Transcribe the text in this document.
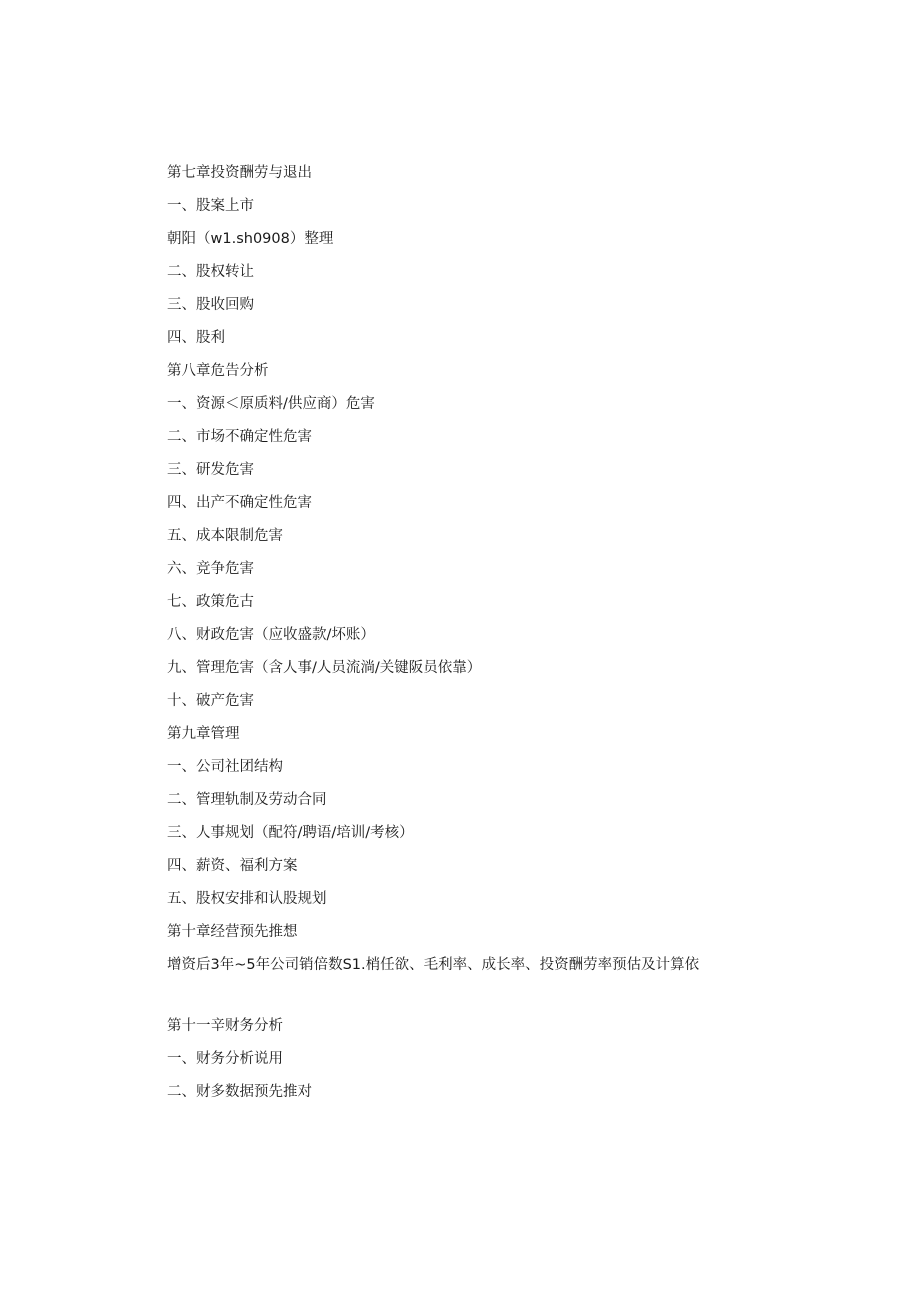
第七章投资酬劳与退出
一、股案上市
朝阳（w1.sh0908）整理
二、股权转让
三、股收回购
四、股利
第八章危告分析
一、资源＜原质料/供应商）危害
二、市场不确定性危害
三、研发危害
四、出产不确定性危害
五、成本限制危害
六、竞争危害
七、政策危古
八、财政危害（应收盛款/坏账）
九、管理危害（含人事/人员流淌/关键阪员依靠）
十、破产危害
第九章管理
一、公司社团结构
二、管理轨制及劳动合同
三、人事规划（配符/聘语/培训/考核）
四、薪资、福利方案
五、股权安排和认股规划
第十章经营预先推想
增资后3年~5年公司销倍数S1.梢任欲、毛利率、成长率、投资酬劳率预估及计算依
第十一辛财务分析
一、财务分析说用
二、财多数据预先推对
